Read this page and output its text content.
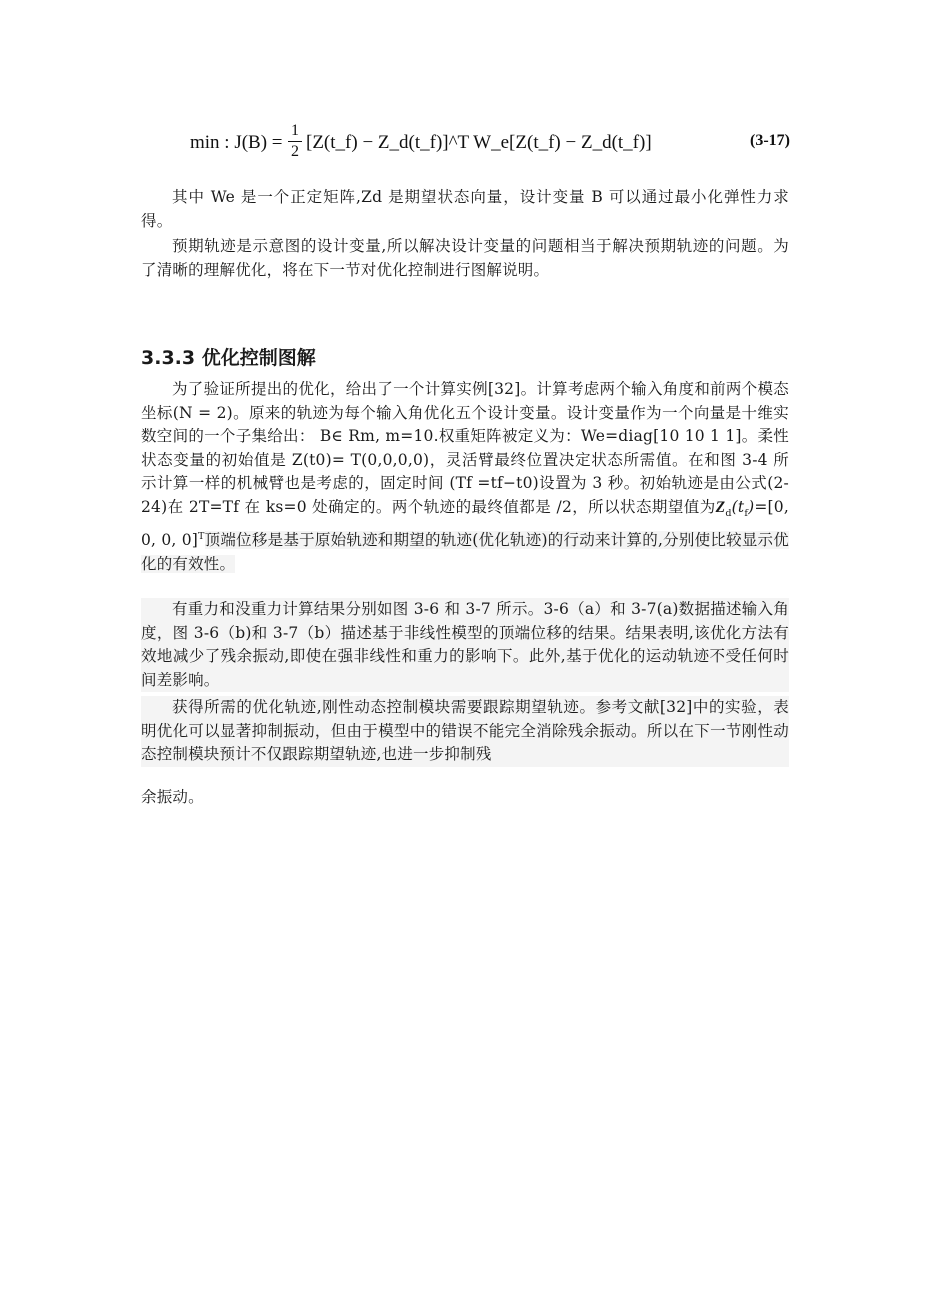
min : J(B) =
1
2 [Z(t_f) − Z_d(t_f)]^T W_e[Z(t_f) − Z_d(t_f)]	(3-17)

其中 We 是一个正定矩阵,Zd 是期望状态向量，设计变量 B 可以通过最小化弹性力求得。

预期轨迹是示意图的设计变量,所以解决设计变量的问题相当于解决预期轨迹的问题。为了清晰的理解优化，将在下一节对优化控制进行图解说明。

3.3.3 优化控制图解

为了验证所提出的优化，给出了一个计算实例[32]。计算考虑两个输入角度和前两个模态坐标(N = 2)。原来的轨迹为每个输入角优化五个设计变量。设计变量作为一个向量是十维实数空间的一个子集给出： B∈ Rm, m=10.权重矩阵被定义为：We=diag[10 10 1 1]。柔性状态变量的初始值是 Z(t0)= T(0,0,0,0)，灵活臂最终位置决定状态所需值。在和图 3-4 所示计算一样的机械臂也是考虑的，固定时间 (Tf =tf−t0)设置为 3 秒。初始轨迹是由公式(2-24)在 2T=Tf 在 ks=0 处确定的。两个轨迹的最终值都是 /2，所以状态期望值为$Z_d(t_f)=[0$, 0, 0, 0]$^T$顶端位移是基于原始轨迹和期望的轨迹(优化轨迹)的行动来计算的,分别使比较显示优化的有效性。

有重力和没重力计算结果分别如图 3-6 和 3-7 所示。3-6（a）和 3-7(a)数据描述输入角度，图 3-6（b)和 3-7（b）描述基于非线性模型的顶端位移的结果。结果表明,该优化方法有效地减少了残余振动,即使在强非线性和重力的影响下。此外,基于优化的运动轨迹不受任何时间差影响。

获得所需的优化轨迹,刚性动态控制模块需要跟踪期望轨迹。参考文献[32]中的实验，表明优化可以显著抑制振动，但由于模型中的错误不能完全消除残余振动。所以在下一节刚性动态控制模块预计不仅跟踪期望轨迹,也进一步抑制残

余振动。
